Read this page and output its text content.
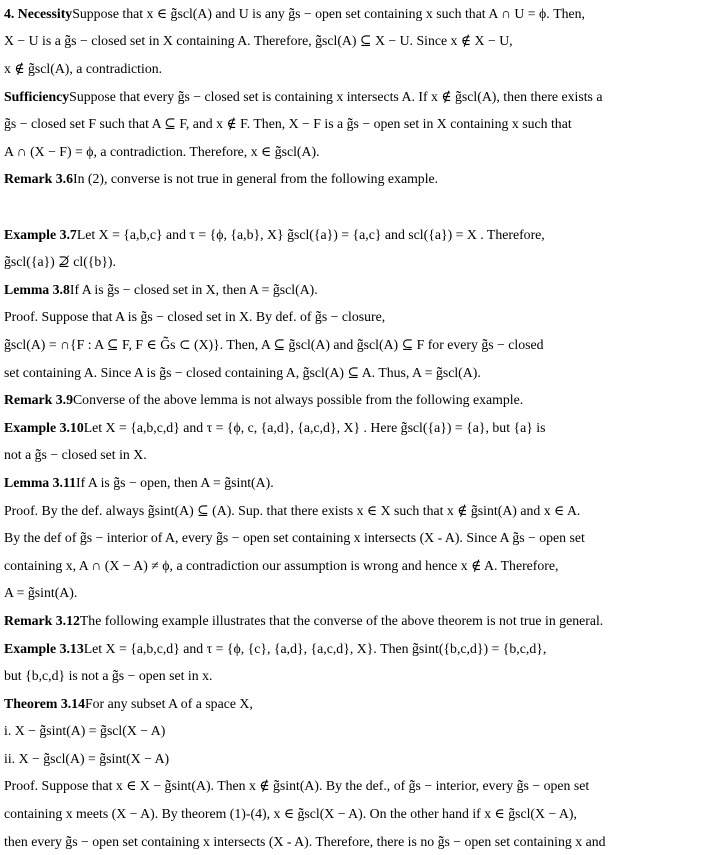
4. Necessity Suppose that x ∈ g̃̃scl(A) and U is any g̃̃s − open set containing x such that A ∩ U = ϕ. Then,
X − U is a g̃̃s − closed set in X containing A. Therefore, g̃̃scl(A) ⊆ X − U. Since x ∉ X − U,
x ∉ g̃̃scl(A), a contradiction.
Sufficiency Suppose that every g̃̃s − closed set is containing x intersects A. If x ∉ g̃̃scl(A), then there exists a
g̃̃s − closed set F such that A ⊆ F, and x ∉ F. Then, X − F is a g̃̃s − open set in X containing x such that
A ∩ (X − F) = ϕ, a contradiction. Therefore, x ∈ g̃̃scl(A).
Remark 3.6 In (2), converse is not true in general from the following example.
Example 3.7 Let X = {a,b,c} and τ = {ϕ, {a,b}, X} g̃̃scl({a}) = {a,c} and scl({a}) = X . Therefore,
g̃̃scl({a}) ⊉ cl({b}).
Lemma 3.8 If A is g̃̃s − closed set in X, then A = g̃̃scl(A).
Proof. Suppose that A is g̃̃s − closed set in X. By def. of g̃̃s − closure,
g̃̃scl(A) = ∩{F : A ⊆ F, F ∈ G̃̃s ⊂ (X)}. Then, A ⊆ g̃̃scl(A) and g̃̃scl(A) ⊆ F for every g̃̃s − closed
set containing A. Since A is g̃̃s − closed containing A, g̃̃scl(A) ⊆ A. Thus, A = g̃̃scl(A).
Remark 3.9 Converse of the above lemma is not always possible from the following example.
Example 3.10 Let X = {a,b,c,d} and τ = {ϕ, c, {a,d}, {a,c,d}, X} . Here g̃̃scl({a}) = {a}, but {a} is
not a g̃̃s − closed set in X.
Lemma 3.11 If A is g̃̃s − open, then A = g̃̃sint(A).
Proof. By the def. always g̃̃sint(A) ⊆ (A). Sup. that there exists x ∈ X such that x ∉ g̃̃sint(A) and x ∈ A.
By the def of g̃̃s − interior of A, every g̃̃s − open set containing x intersects (X - A). Since A g̃̃s − open set
containing x, A ∩ (X − A) ≠ ϕ, a contradiction our assumption is wrong and hence x ∉ A. Therefore,
A = g̃̃sint(A).
Remark 3.12 The following example illustrates that the converse of the above theorem is not true in general.
Example 3.13 Let X = {a,b,c,d} and τ = {ϕ, {c}, {a,d}, {a,c,d}, X}. Then g̃̃sint({b,c,d}) = {b,c,d},
but {b,c,d} is not a g̃̃s − open set in x.
Theorem 3.14 For any subset A of a space X,
i. X − g̃̃sint(A) = g̃̃scl(X − A)
ii. X − g̃̃scl(A) = g̃̃sint(X − A)
Proof. Suppose that x ∈ X − g̃̃sint(A). Then x ∉ g̃̃sint(A). By the def., of g̃̃s − interior, every g̃̃s − open set
containing x meets (X − A). By theorem (1)-(4), x ∈ g̃̃scl(X − A). On the other hand if x ∈ g̃̃scl(X − A),
then every g̃̃s − open set containing x intersects (X - A). Therefore, there is no g̃̃s − open set containing x and
